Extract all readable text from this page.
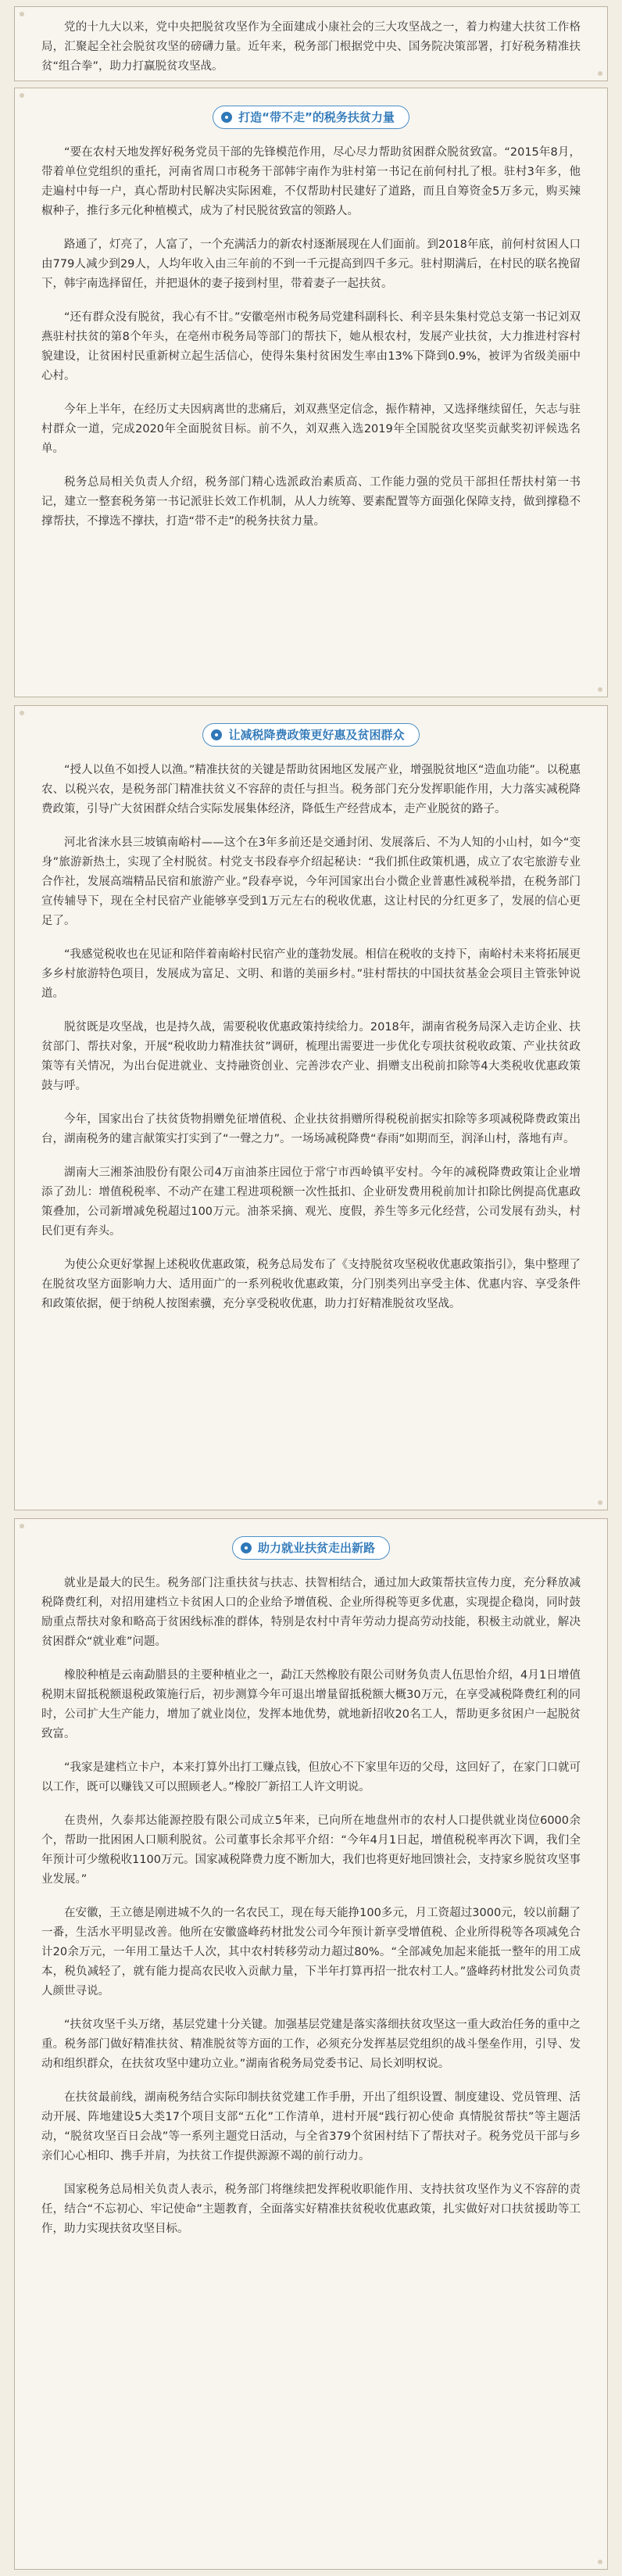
党的十九大以来，党中央把脱贫攻坚作为全面建成小康社会的三大攻坚战之一，着力构建大扶贫工作格局，汇聚起全社会脱贫攻坚的磅礴力量。近年来，税务部门根据党中央、国务院决策部署，打好税务精准扶贫“组合拳”，助力打赢脱贫攻坚战。

打造“带不走”的税务扶贫力量

“要在农村天地发挥好税务党员干部的先锋模范作用，尽心尽力帮助贫困群众脱贫致富。“2015年8月，带着单位党组织的重托，河南省周口市税务干部韩宇南作为驻村第一书记在前何村扎了根。驻村3年多，他走遍村中每一户，真心帮助村民解决实际困难，不仅帮助村民建好了道路，而且自筹资金5万多元，购买辣椒种子，推行多元化种植模式，成为了村民脱贫致富的领路人。

路通了，灯亮了，人富了，一个充满活力的新农村逐渐展现在人们面前。到2018年底，前何村贫困人口由779人减少到29人，人均年收入由三年前的不到一千元提高到四千多元。驻村期满后，在村民的联名挽留下，韩宇南选择留任，并把退休的妻子接到村里，带着妻子一起扶贫。

“还有群众没有脱贫，我心有不甘。”安徽亳州市税务局党建科副科长、利辛县朱集村党总支第一书记刘双燕驻村扶贫的第8个年头，在亳州市税务局等部门的帮扶下，她从根农村，发展产业扶贫，大力推进村容村貌建设，让贫困村民重新树立起生活信心，使得朱集村贫困发生率由13%下降到0.9%，被评为省级美丽中心村。

今年上半年，在经历丈夫因病离世的悲痛后，刘双燕坚定信念，振作精神，又选择继续留任，矢志与驻村群众一道，完成2020年全面脱贫目标。前不久，刘双燕入选2019年全国脱贫攻坚奖贡献奖初评候选名单。

税务总局相关负责人介绍，税务部门精心选派政治素质高、工作能力强的党员干部担任帮扶村第一书记，建立一整套税务第一书记派驻长效工作机制，从人力统筹、要素配置等方面强化保障支持，做到撑稳不撑帮扶，不撑选不撑扶，打造“带不走”的税务扶贫力量。

让减税降费政策更好惠及贫困群众

“授人以鱼不如授人以渔。”精准扶贫的关键是帮助贫困地区发展产业，增强脱贫地区“造血功能”。以税惠农、以税兴农，是税务部门精准扶贫义不容辞的责任与担当。税务部门充分发挥职能作用，大力落实减税降费政策，引导广大贫困群众结合实际发展集体经济，降低生产经营成本，走产业脱贫的路子。

河北省涞水县三坡镇南峪村——这个在3年多前还是交通封闭、发展落后、不为人知的小山村，如今“变身”旅游新热土，实现了全村脱贫。村党支书段春亭介绍起秘诀：“我们抓住政策机遇，成立了农宅旅游专业合作社，发展高端精品民宿和旅游产业。”段春亭说，今年河国家出台小微企业普惠性减税举措，在税务部门宣传辅导下，现在全村民宿产业能够享受到1万元左右的税收优惠，这让村民的分红更多了，发展的信心更足了。

“我感觉税收也在见证和陪伴着南峪村民宿产业的蓬勃发展。相信在税收的支持下，南峪村未来将拓展更多乡村旅游特色项目，发展成为富足、文明、和谐的美丽乡村。”驻村帮扶的中国扶贫基金会项目主管张钟说道。

脱贫既是攻坚战，也是持久战，需要税收优惠政策持续给力。2018年，湖南省税务局深入走访企业、扶贫部门、帮扶对象，开展“税收助力精准扶贫”调研，梳理出需要进一步优化专项扶贫税收政策、产业扶贫政策等有关情况，为出台促进就业、支持融资创业、完善涉农产业、捐赠支出税前扣除等4大类税收优惠政策鼓与呼。

今年，国家出台了扶贫货物捐赠免征增值税、企业扶贫捐赠所得税税前据实扣除等多项减税降费政策出台，湖南税务的建言献策实打实到了“一聲之力”。一场场减税降费“春雨”如期而至，润泽山村，落地有声。

湖南大三湘茶油股份有限公司4万亩油茶庄园位于常宁市西岭镇平安村。今年的减税降费政策让企业增添了劲儿：增值税税率、不动产在建工程进项税额一次性抵扣、企业研发费用税前加计扣除比例提高优惠政策叠加，公司新增减免税超过100万元。油茶采摘、观光、度假，养生等多元化经营，公司发展有劲头，村民们更有奔头。

为使公众更好掌握上述税收优惠政策，税务总局发布了《支持脱贫攻坚税收优惠政策指引》，集中整理了在脱贫攻坚方面影响力大、适用面广的一系列税收优惠政策，分门别类列出享受主体、优惠内容、享受条件和政策依据，便于纳税人按图索骥，充分享受税收优惠，助力打好精准脱贫攻坚战。

助力就业扶贫走出新路

就业是最大的民生。税务部门注重扶贫与扶志、扶智相结合，通过加大政策帮扶宣传力度，充分释放减税降费红利，对招用建档立卡贫困人口的企业给予增值税、企业所得税等更多优惠，实现提企稳岗，同时鼓励重点帮扶对象和略高于贫困线标准的群体，特别是农村中青年劳动力提高劳动技能，积极主动就业，解决贫困群众“就业难”问题。

橡胶种植是云南勐腊县的主要种植业之一，勐江天然橡胶有限公司财务负责人伍思怡介绍，4月1日增值税期末留抵税额退税政策施行后，初步测算今年可退出增量留抵税额大概30万元，在享受减税降费红利的同时，公司扩大生产能力，增加了就业岗位，发挥本地优势，就地新招收20名工人，帮助更多贫困户一起脱贫致富。

“我家是建档立卡户，本来打算外出打工赚点钱，但放心不下家里年迈的父母，这回好了，在家门口就可以工作，既可以赚钱又可以照顾老人。”橡胶厂新招工人许文明说。

在贵州，久泰邦达能源控股有限公司成立5年来，已向所在地盘州市的农村人口提供就业岗位6000余个，帮助一批困困人口顺利脱贫。公司董事长余邦平介绍：“今年4月1日起，增值税税率再次下调，我们全年预计可少缴税收1100万元。国家减税降费力度不断加大，我们也将更好地回馈社会，支持家乡脱贫攻坚事业发展。”

在安徽，王立德是刚进城不久的一名农民工，现在每天能挣100多元，月工资超过3000元，较以前翻了一番，生活水平明显改善。他所在安徽盛峰药材批发公司今年预计新享受增值税、企业所得税等各项减免合计20余万元，一年用工量达千人次，其中农村转移劳动力超过80%。“全部减免加起来能抵一整年的用工成本，税负减轻了，就有能力提高农民收入贡献力量，下半年打算再招一批农村工人。”盛峰药材批发公司负责人颜世寻说。

“扶贫攻坚千头万绪，基层党建十分关键。加强基层党建是落实落细扶贫攻坚这一重大政治任务的重中之重。税务部门做好精准扶贫、精准脱贫等方面的工作，必须充分发挥基层党组织的战斗堡垒作用，引导、发动和组织群众，在扶贫攻坚中建功立业。”湖南省税务局党委书记、局长刘明权说。

在扶贫最前线，湖南税务结合实际印制扶贫党建工作手册，开出了组织设置、制度建设、党员管理、活动开展、阵地建设5大类17个项目支部“五化”工作清单，进村开展“践行初心使命 真情脱贫帮扶”等主题活动，“脱贫攻坚百日会战”等一系列主题党日活动，与全省379个贫困村结下了帮扶对子。税务党员干部与乡亲们心心相印、携手并肩，为扶贫工作提供源源不竭的前行动力。

国家税务总局相关负责人表示，税务部门将继续把发挥税收职能作用、支持扶贫攻坚作为义不容辞的责任，结合“不忘初心、牢记使命”主题教育，全面落实好精准扶贫税收优惠政策，扎实做好对口扶贫援助等工作，助力实现扶贫攻坚目标。
